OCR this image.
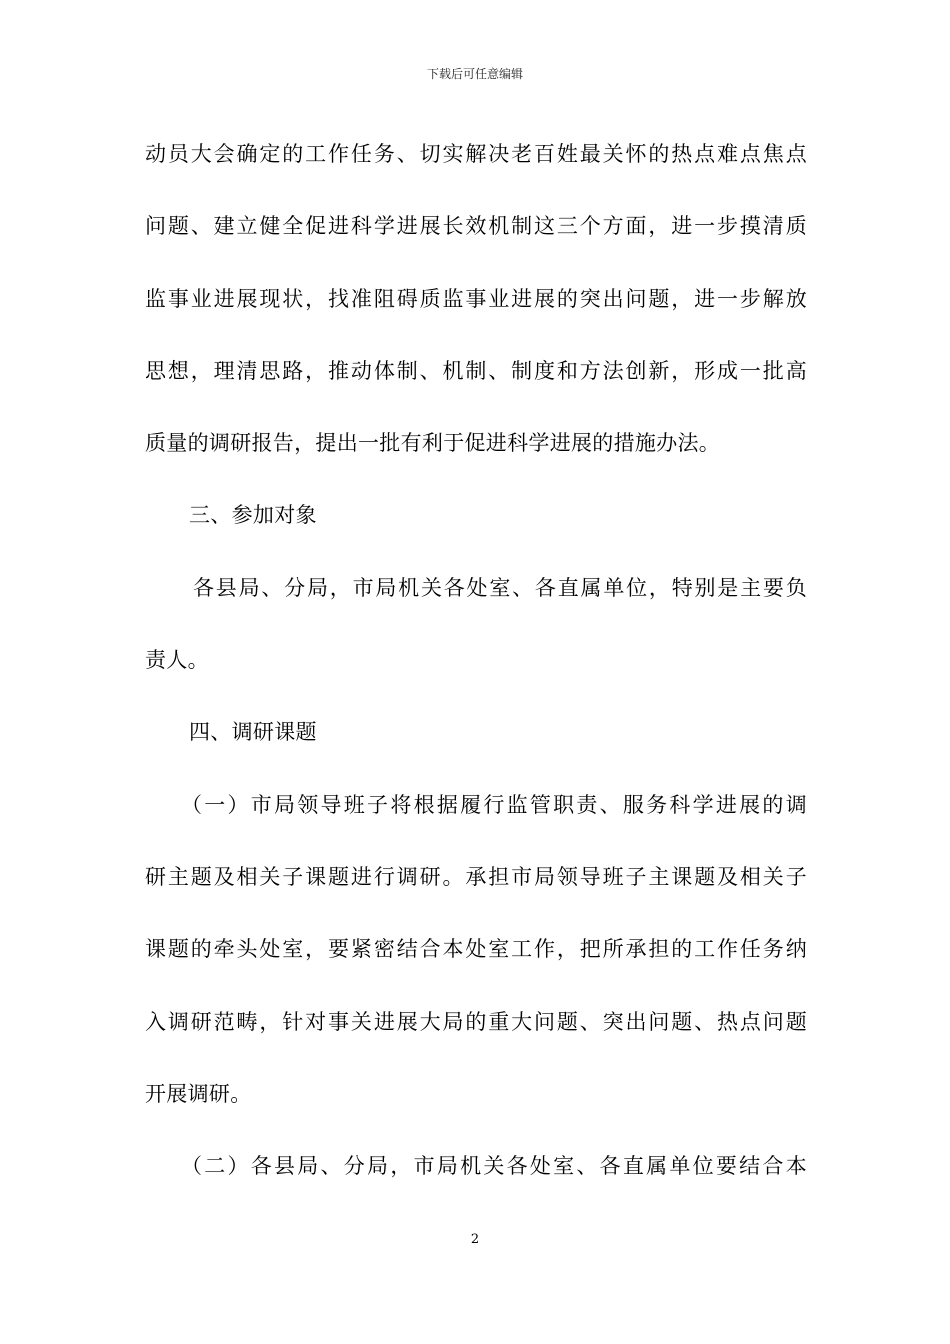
下载后可任意编辑
动员大会确定的工作任务、切实解决老百姓最关怀的热点难点焦点
问题、建立健全促进科学进展长效机制这三个方面，进一步摸清质
监事业进展现状，找准阻碍质监事业进展的突出问题，进一步解放
思想，理清思路，推动体制、机制、制度和方法创新，形成一批高
质量的调研报告，提出一批有利于促进科学进展的措施办法。
三、参加对象
各县局、分局，市局机关各处室、各直属单位，特别是主要负
责人。
四、调研课题
（一）市局领导班子将根据履行监管职责、服务科学进展的调
研主题及相关子课题进行调研。承担市局领导班子主课题及相关子
课题的牵头处室，要紧密结合本处室工作，把所承担的工作任务纳
入调研范畴，针对事关进展大局的重大问题、突出问题、热点问题
开展调研。
（二）各县局、分局，市局机关各处室、各直属单位要结合本
2
